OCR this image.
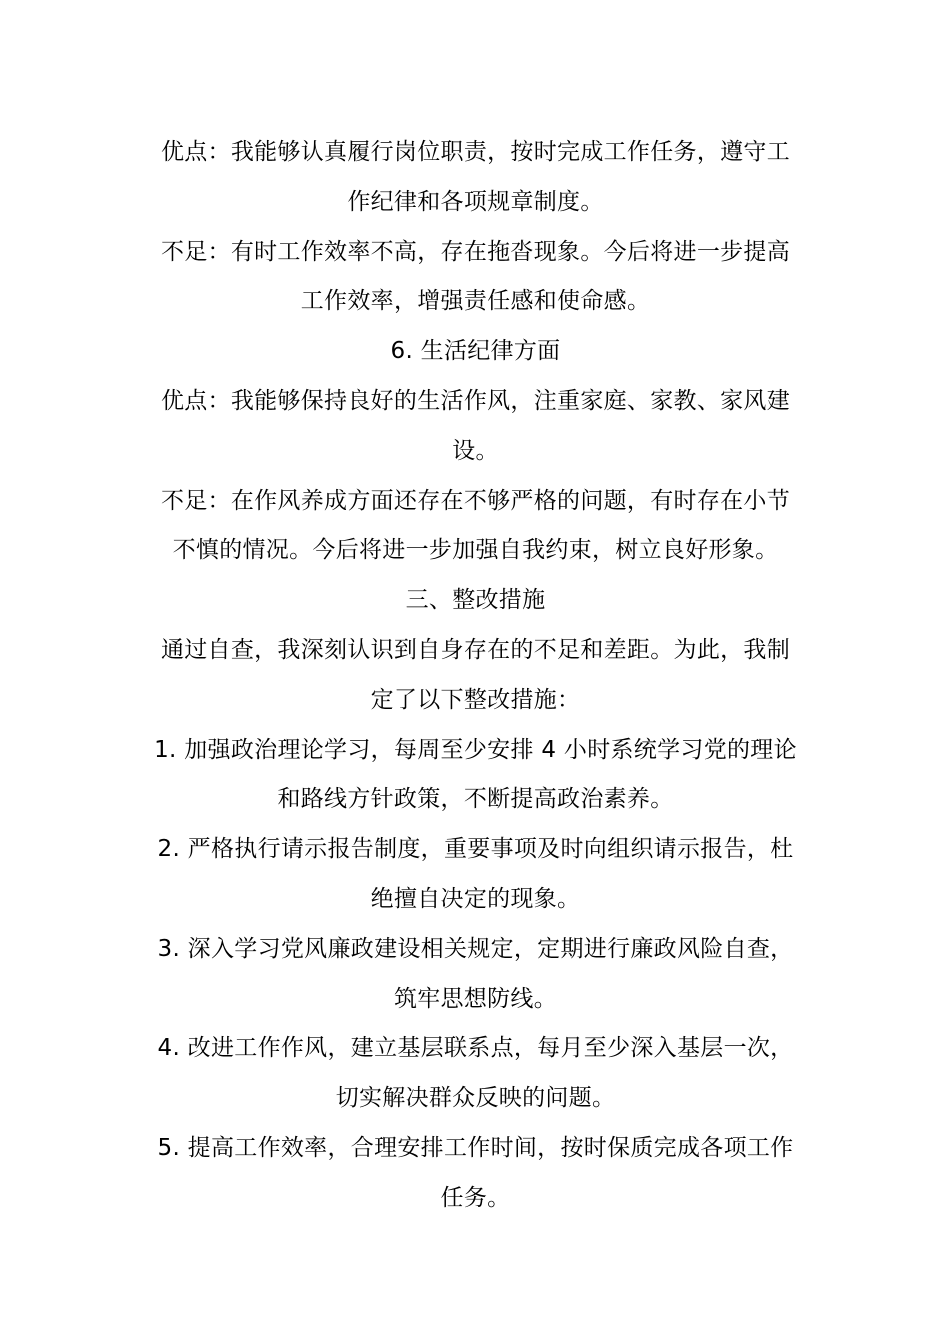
优点：我能够认真履行岗位职责，按时完成工作任务，遵守工作纪律和各项规章制度。

不足：有时工作效率不高，存在拖沓现象。今后将进一步提高工作效率，增强责任感和使命感。

6. 生活纪律方面

优点：我能够保持良好的生活作风，注重家庭、家教、家风建设。

不足：在作风养成方面还存在不够严格的问题，有时存在小节不慎的情况。今后将进一步加强自我约束，树立良好形象。

三、整改措施

通过自查，我深刻认识到自身存在的不足和差距。为此，我制定了以下整改措施：

1. 加强政治理论学习，每周至少安排 4 小时系统学习党的理论和路线方针政策，不断提高政治素养。

2. 严格执行请示报告制度，重要事项及时向组织请示报告，杜绝擅自决定的现象。

3. 深入学习党风廉政建设相关规定，定期进行廉政风险自查，筑牢思想防线。

4. 改进工作作风，建立基层联系点，每月至少深入基层一次，切实解决群众反映的问题。

5. 提高工作效率，合理安排工作时间，按时保质完成各项工作任务。
